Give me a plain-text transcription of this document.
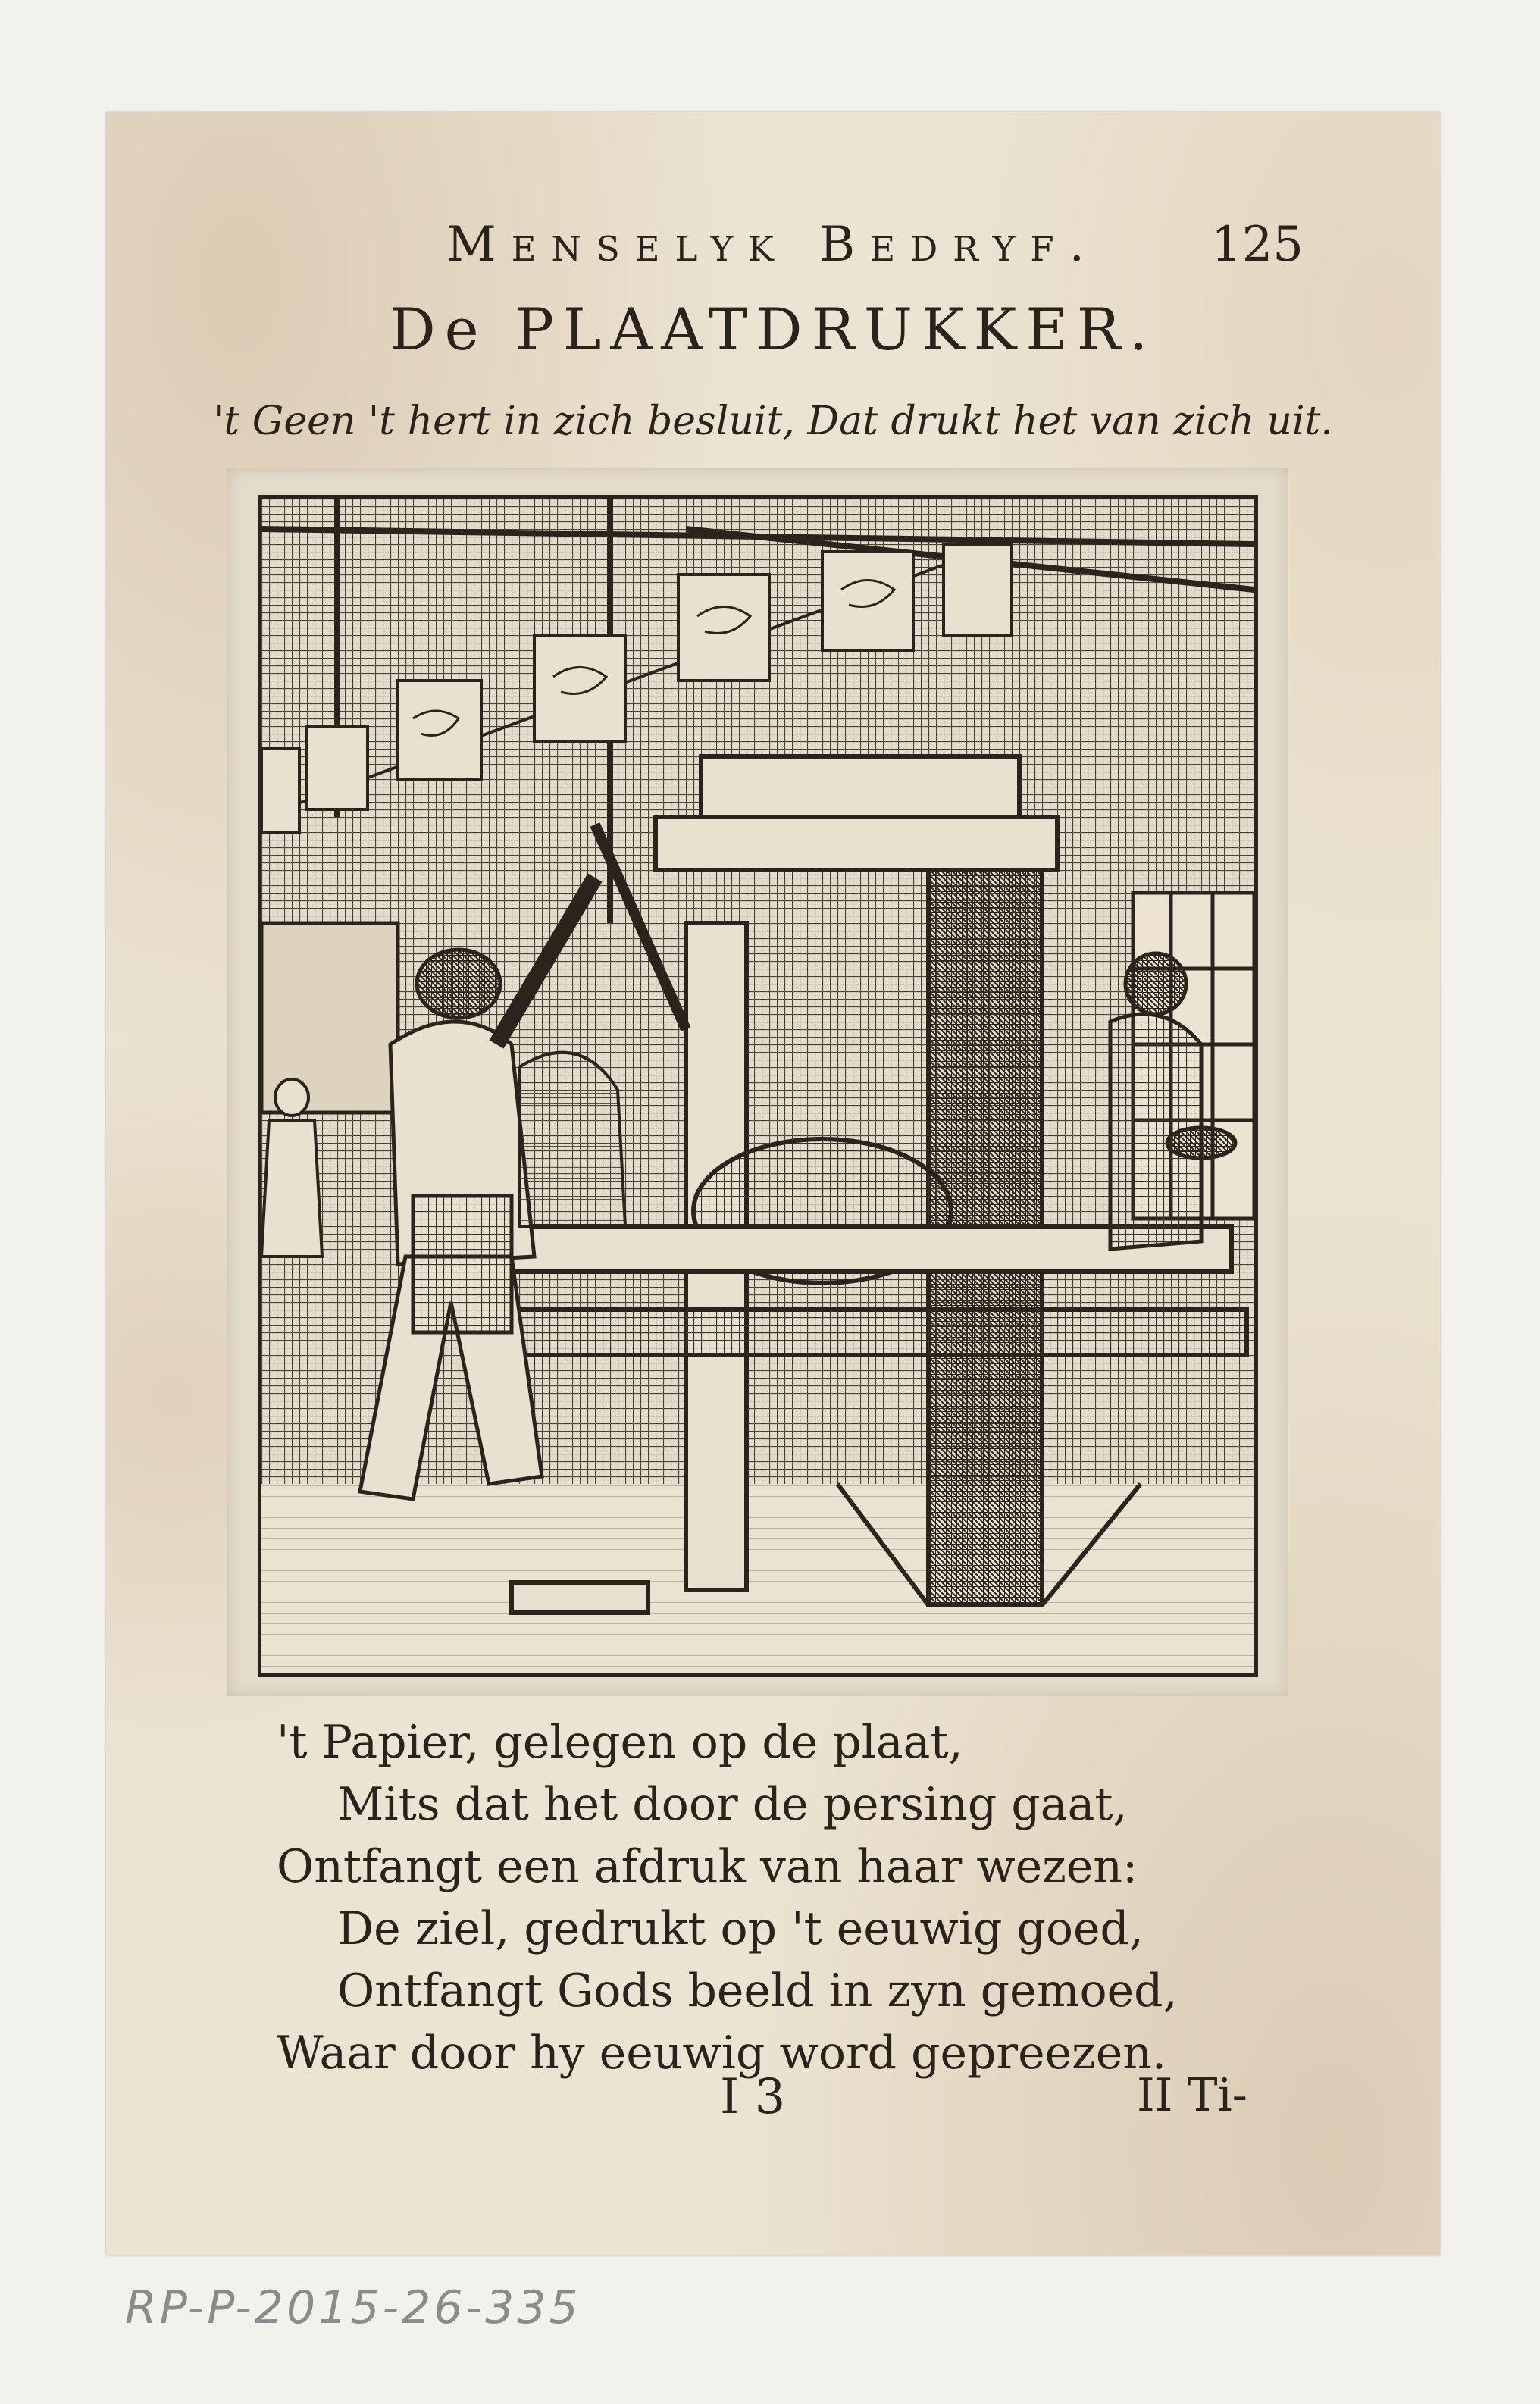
Menselyk Bedryf.	125
De PLAATDRUKKER.
't Geen 't hert in zich besluit, Dat drukt het van zich uit.
't Papier, gelegen op de plaat,
Mits dat het door de persing gaat,
Ontfangt een afdruk van haar wezen:
De ziel, gedrukt op 't eeuwig goed,
Ontfangt Gods beeld in zyn gemoed,
Waar door hy eeuwig word gepreezen.
I 3	II Ti-
RP-P-2015-26-335
